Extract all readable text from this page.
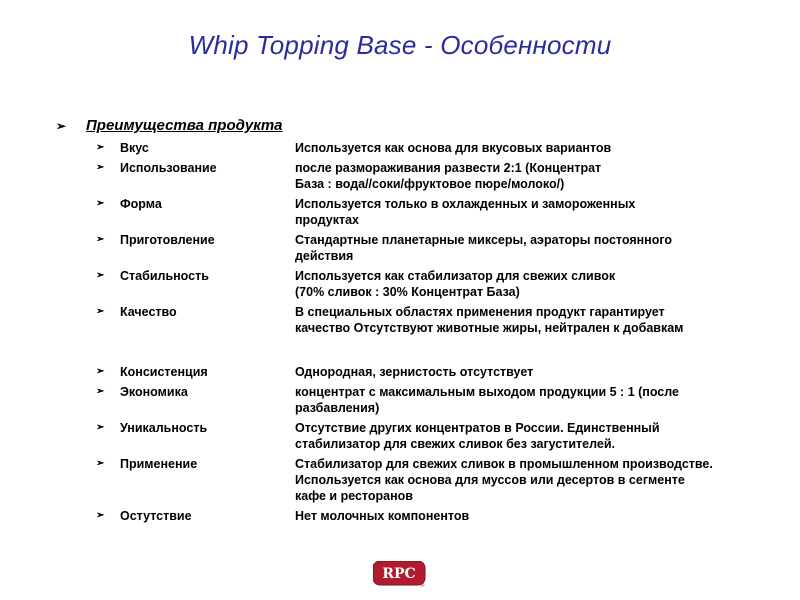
Whip Topping Base - Особенности
➢ Преимущества продукта
➢	Вкус	Используется как основа для вкусовых вариантов
➢	Использование	после размораживания развести 2:1 (Концентрат
База : вода//соки/фруктовое пюре/молоко/)
➢	Форма	Используется только в охлажденных и замороженных
продуктах
➢	Приготовление	Стандартные планетарные миксеры, аэраторы постоянного
действия
➢	Стабильность	Используется как стабилизатор для свежих сливок
(70% сливок : 30% Концентрат База)
➢	Качество	В специальных областях применения продукт гарантирует
качество Отсутствуют животные жиры, нейтрален к добавкам
➢	Консистенция	Однородная, зернистость отсутствует
➢	Экономика	концентрат с максимальным выходом продукции 5 : 1 (после
разбавления)
➢	Уникальность	Отсутствие других концентратов в России. Единственный
стабилизатор для свежих сливок без загустителей.
➢	Применение	Стабилизатор для свежих сливок в промышленном производстве.
Используется как основа для муссов или десертов в сегменте
кафе и ресторанов
➢	Остутствие	Нет молочных компонентов
RPC
®
